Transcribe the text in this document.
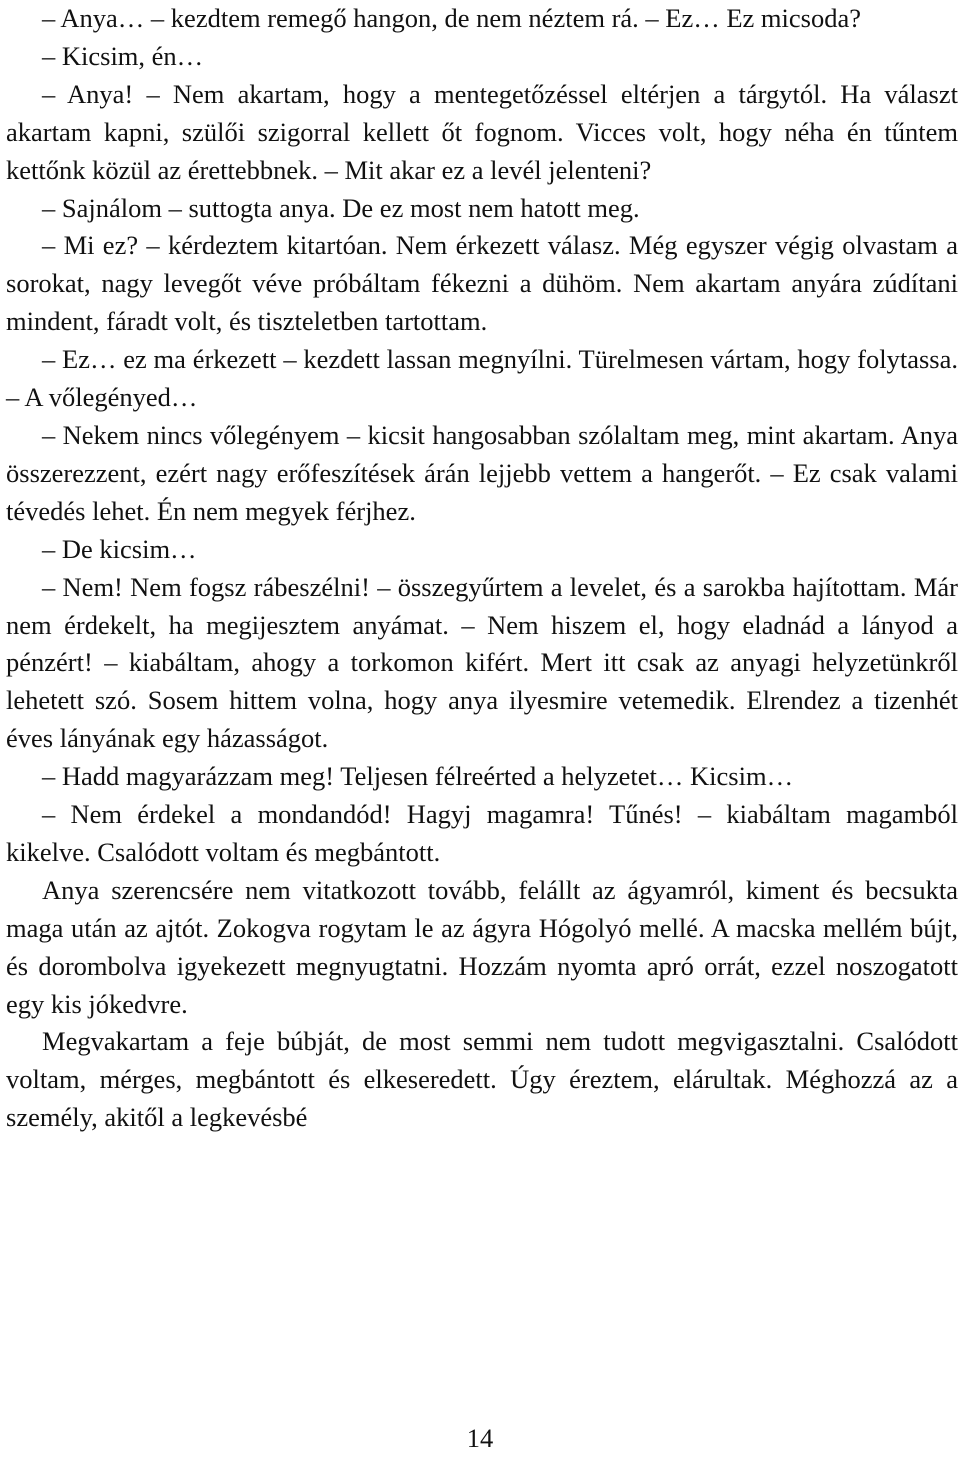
– Anya… – kezdtem remegő hangon, de nem néztem rá. – Ez… Ez micsoda?

– Kicsim, én…

– Anya! – Nem akartam, hogy a mentegetőzéssel eltérjen a tárgytól. Ha választ akartam kapni, szülői szigorral kellett őt fognom. Vicces volt, hogy néha én tűntem kettőnk közül az érettebbnek. – Mit akar ez a levél jelenteni?

– Sajnálom – suttogta anya. De ez most nem hatott meg.

– Mi ez? – kérdeztem kitartóan. Nem érkezett válasz. Még egyszer végig olvastam a sorokat, nagy levegőt véve próbáltam fékezni a dühöm. Nem akartam anyára zúdítani mindent, fáradt volt, és tiszteletben tartottam.

– Ez… ez ma érkezett – kezdett lassan megnyílni. Türelmesen vártam, hogy folytassa. – A vőlegényed…

– Nekem nincs vőlegényem – kicsit hangosabban szólaltam meg, mint akartam. Anya összerezzent, ezért nagy erőfeszítések árán lejjebb vettem a hangerőt. – Ez csak valami tévedés lehet. Én nem megyek férjhez.

– De kicsim…

– Nem! Nem fogsz rábeszélni! – összegyűrtem a levelet, és a sarokba hajítottam. Már nem érdekelt, ha megijesztem anyámat. – Nem hiszem el, hogy eladnád a lányod a pénzért! – kiabáltam, ahogy a torkomon kifért. Mert itt csak az anyagi helyzetünkről lehetett szó. Sosem hittem volna, hogy anya ilyesmire vetemedik. Elrendez a tizenhét éves lányának egy házasságot.

– Hadd magyarázzam meg! Teljesen félreérted a helyzetet… Kicsim…

– Nem érdekel a mondandód! Hagyj magamra! Tűnés! – kiabáltam magamból kikelve. Csalódott voltam és megbántott.

Anya szerencsére nem vitatkozott tovább, felállt az ágyamról, kiment és becsukta maga után az ajtót. Zokogva rogytam le az ágyra Hógolyó mellé. A macska mellém bújt, és dorombolva igyekezett megnyugtatni. Hozzám nyomta apró orrát, ezzel noszogatott egy kis jókedvre.

Megvakartam a feje búbját, de most semmi nem tudott megvigasztalni. Csalódott voltam, mérges, megbántott és elkeseredett. Úgy éreztem, elárultak. Méghozzá az a személy, akitől a legkevésbé

14
